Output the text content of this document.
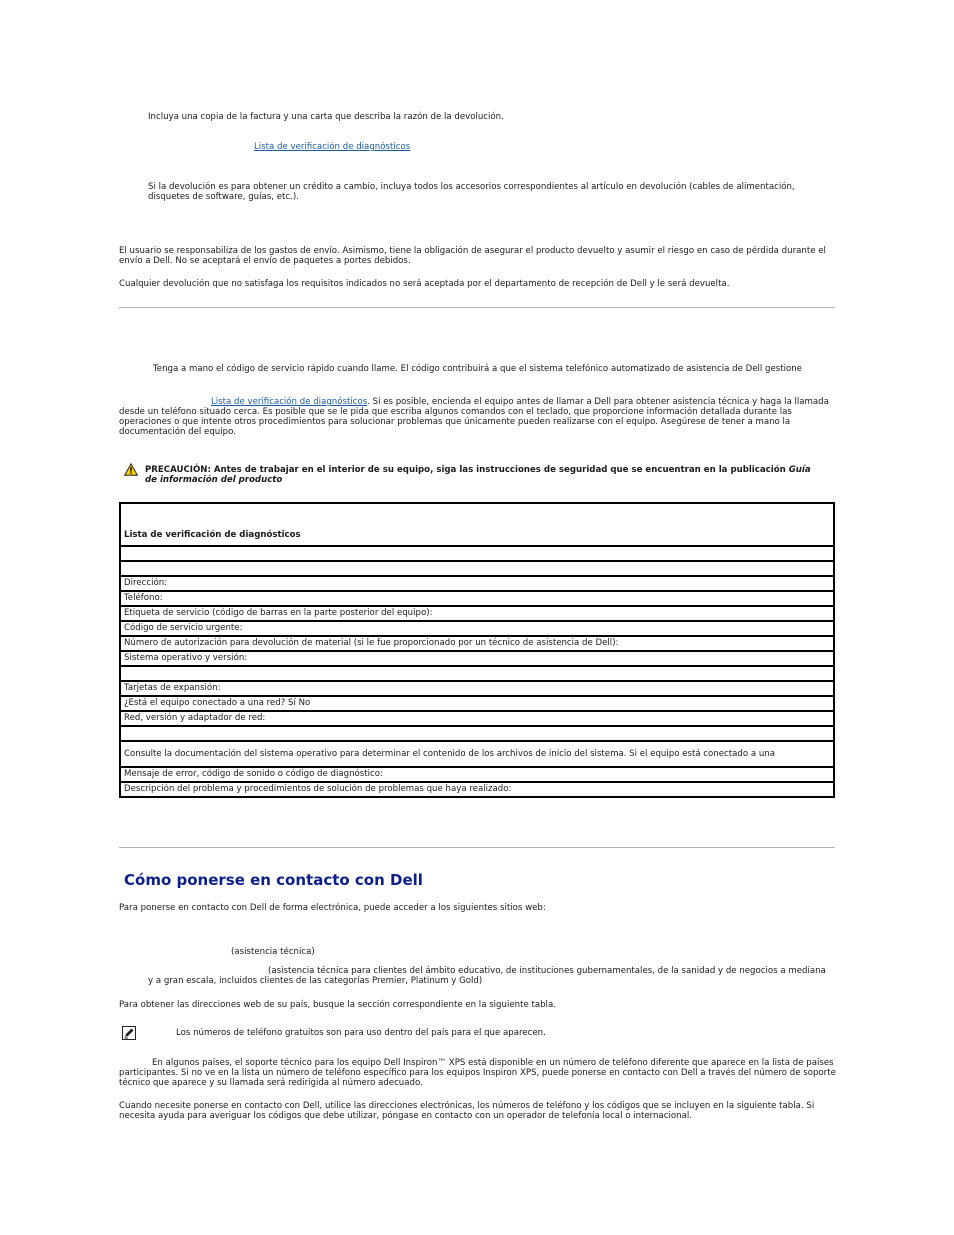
Incluya una copia de la factura y una carta que describa la razón de la devolución.
Lista de verificación de diagnósticos
Si la devolución es para obtener un crédito a cambio, incluya todos los accesorios correspondientes al artículo en devolución (cables de alimentación, disquetes de software, guías, etc.).
El usuario se responsabiliza de los gastos de envío. Asimismo, tiene la obligación de asegurar el producto devuelto y asumir el riesgo en caso de pérdida durante el envío a Dell. No se aceptará el envío de paquetes a portes debidos.
Cualquier devolución que no satisfaga los requisitos indicados no será aceptada por el departamento de recepción de Dell y le será devuelta.
Tenga a mano el código de servicio rápido cuando llame. El código contribuirá a que el sistema telefónico automatizado de asistencia de Dell gestione
Lista de verificación de diagnósticos. Si es posible, encienda el equipo antes de llamar a Dell para obtener asistencia técnica y haga la llamada desde un teléfono situado cerca. Es posible que se le pida que escriba algunos comandos con el teclado, que proporcione información detallada durante las operaciones o que intente otros procedimientos para solucionar problemas que únicamente pueden realizarse con el equipo. Asegúrese de tener a mano la documentación del equipo.
PRECAUCIÓN: Antes de trabajar en el interior de su equipo, siga las instrucciones de seguridad que se encuentran en la publicación Guía de información del producto
Lista de verificación de diagnósticos

Dirección:
Teléfono:
Etiqueta de servicio (código de barras en la parte posterior del equipo):
Código de servicio urgente:
Número de autorización para devolución de material (si le fue proporcionado por un técnico de asistencia de Dell):
Sistema operativo y versión:

Tarjetas de expansión:
¿Está el equipo conectado a una red? Sí No
Red, versión y adaptador de red:

Consulte la documentación del sistema operativo para determinar el contenido de los archivos de inicio del sistema. Si el equipo está conectado a una
Mensaje de error, código de sonido o código de diagnóstico:
Descripción del problema y procedimientos de solución de problemas que haya realizado:
Cómo ponerse en contacto con Dell
Para ponerse en contacto con Dell de forma electrónica, puede acceder a los siguientes sitios web:
(asistencia técnica)
(asistencia técnica para clientes del ámbito educativo, de instituciones gubernamentales, de la sanidad y de negocios a mediana y a gran escala, incluidos clientes de las categorías Premier, Platinum y Gold)
Para obtener las direcciones web de su país, busque la sección correspondiente en la siguiente tabla.
Los números de teléfono gratuitos son para uso dentro del país para el que aparecen.
En algunos países, el soporte técnico para los equipo Dell Inspiron™ XPS está disponible en un número de teléfono diferente que aparece en la lista de países participantes. Si no ve en la lista un número de teléfono específico para los equipos Inspiron XPS, puede ponerse en contacto con Dell a través del número de soporte técnico que aparece y su llamada será redirigida al número adecuado.
Cuando necesite ponerse en contacto con Dell, utilice las direcciones electrónicas, los números de teléfono y los códigos que se incluyen en la siguiente tabla. Si necesita ayuda para averiguar los códigos que debe utilizar, póngase en contacto con un operador de telefonía local o internacional.
